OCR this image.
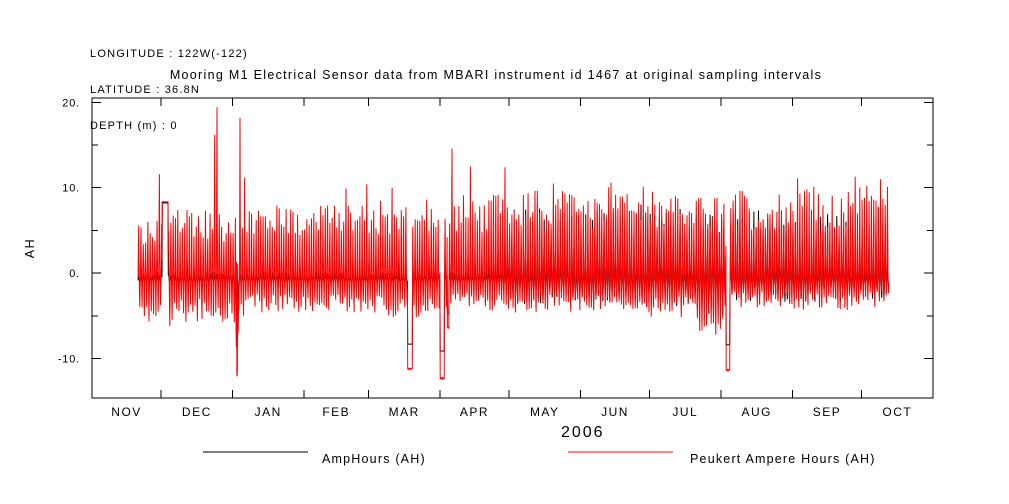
LONGITUDE : 122W(-122)

LATITUDE : 36.8N

DEPTH (m) : 0

Mooring M1 Electrical Sensor data from MBARI instrument id 1467 at original sampling intervals
AH
20.
10.
0.
-10.
NOV	DEC	JAN	FEB	MAR	APR	MAY	JUN	JUL	AUG	SEP	OCT
2006
AmpHours (AH)	Peukert Ampere Hours (AH)
